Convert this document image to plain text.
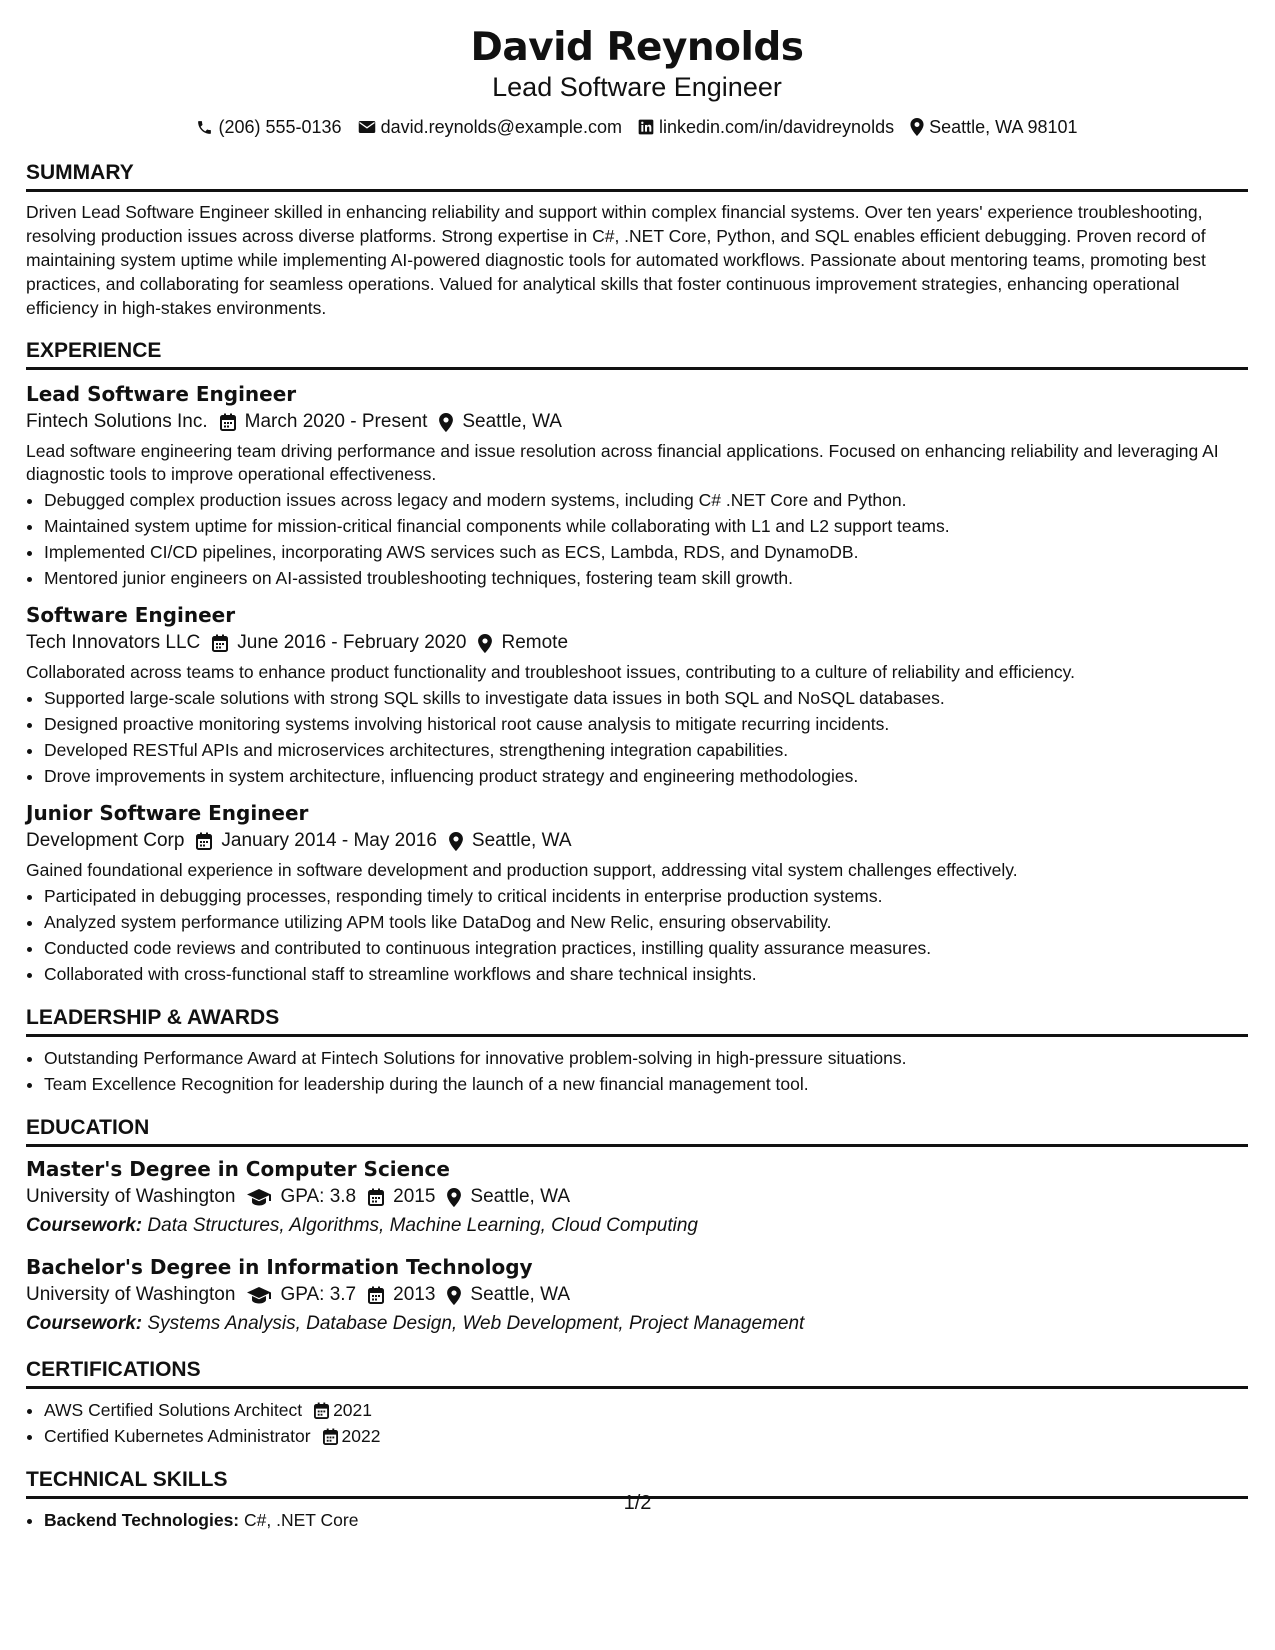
David Reynolds
Lead Software Engineer
(206) 555-0136 david.reynolds@example.com linkedin.com/in/davidreynolds Seattle, WA 98101
SUMMARY
Driven Lead Software Engineer skilled in enhancing reliability and support within complex financial systems. Over ten years' experience troubleshooting, resolving production issues across diverse platforms. Strong expertise in C#, .NET Core, Python, and SQL enables efficient debugging. Proven record of maintaining system uptime while implementing AI-powered diagnostic tools for automated workflows. Passionate about mentoring teams, promoting best practices, and collaborating for seamless operations. Valued for analytical skills that foster continuous improvement strategies, enhancing operational efficiency in high-stakes environments.
EXPERIENCE
Lead Software Engineer
Fintech Solutions Inc. March 2020 - Present Seattle, WA
Lead software engineering team driving performance and issue resolution across financial applications. Focused on enhancing reliability and leveraging AI diagnostic tools to improve operational effectiveness.
• Debugged complex production issues across legacy and modern systems, including C# .NET Core and Python.
• Maintained system uptime for mission-critical financial components while collaborating with L1 and L2 support teams.
• Implemented CI/CD pipelines, incorporating AWS services such as ECS, Lambda, RDS, and DynamoDB.
• Mentored junior engineers on AI-assisted troubleshooting techniques, fostering team skill growth.
Software Engineer
Tech Innovators LLC June 2016 - February 2020 Remote
Collaborated across teams to enhance product functionality and troubleshoot issues, contributing to a culture of reliability and efficiency.
• Supported large-scale solutions with strong SQL skills to investigate data issues in both SQL and NoSQL databases.
• Designed proactive monitoring systems involving historical root cause analysis to mitigate recurring incidents.
• Developed RESTful APIs and microservices architectures, strengthening integration capabilities.
• Drove improvements in system architecture, influencing product strategy and engineering methodologies.
Junior Software Engineer
Development Corp January 2014 - May 2016 Seattle, WA
Gained foundational experience in software development and production support, addressing vital system challenges effectively.
• Participated in debugging processes, responding timely to critical incidents in enterprise production systems.
• Analyzed system performance utilizing APM tools like DataDog and New Relic, ensuring observability.
• Conducted code reviews and contributed to continuous integration practices, instilling quality assurance measures.
• Collaborated with cross-functional staff to streamline workflows and share technical insights.
LEADERSHIP & AWARDS
• Outstanding Performance Award at Fintech Solutions for innovative problem-solving in high-pressure situations.
• Team Excellence Recognition for leadership during the launch of a new financial management tool.
EDUCATION
Master's Degree in Computer Science
University of Washington GPA: 3.8 2015 Seattle, WA
Coursework: Data Structures, Algorithms, Machine Learning, Cloud Computing
Bachelor's Degree in Information Technology
University of Washington GPA: 3.7 2013 Seattle, WA
Coursework: Systems Analysis, Database Design, Web Development, Project Management
CERTIFICATIONS
• AWS Certified Solutions Architect 2021
• Certified Kubernetes Administrator 2022
TECHNICAL SKILLS
• Backend Technologies: C#, .NET Core
1/2
